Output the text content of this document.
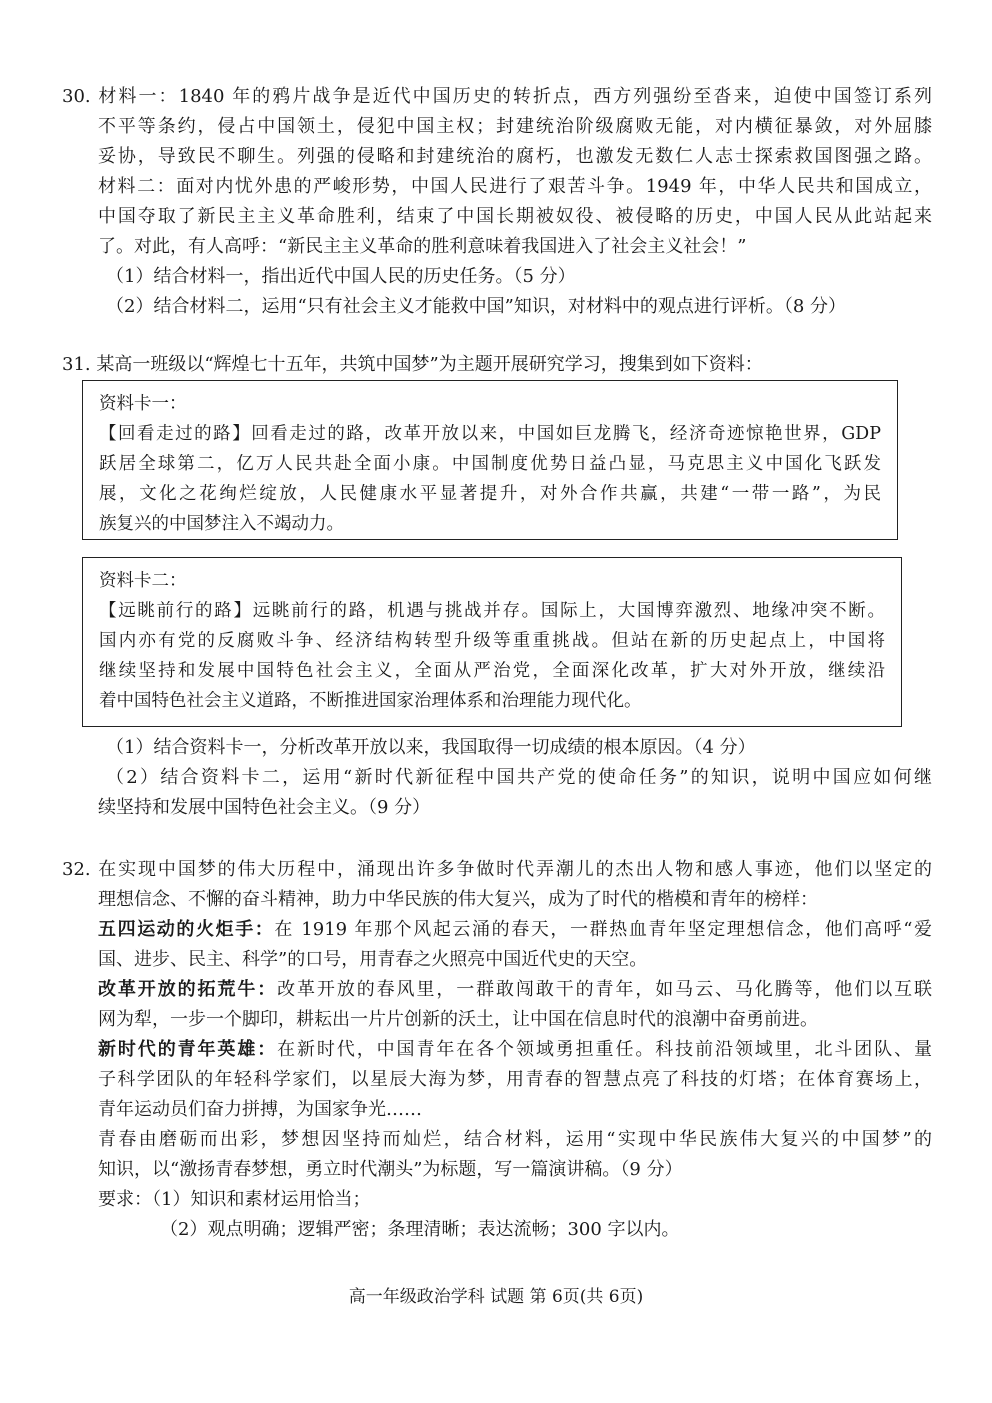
30. 材料一：1840 年的鸦片战争是近代中国历史的转折点，西方列强纷至沓来，迫使中国签订系列
不平等条约，侵占中国领土，侵犯中国主权；封建统治阶级腐败无能，对内横征暴敛，对外屈膝
妥协，导致民不聊生。列强的侵略和封建统治的腐朽，也激发无数仁人志士探索救国图强之路。
材料二：面对内忧外患的严峻形势，中国人民进行了艰苦斗争。1949 年，中华人民共和国成立，
中国夺取了新民主主义革命胜利，结束了中国长期被奴役、被侵略的历史，中国人民从此站起来
了。对此，有人高呼：“新民主主义革命的胜利意味着我国进入了社会主义社会！”
（1）结合材料一，指出近代中国人民的历史任务。（5 分）
（2）结合材料二，运用“只有社会主义才能救中国”知识，对材料中的观点进行评析。（8 分）
31. 某高一班级以“辉煌七十五年，共筑中国梦”为主题开展研究学习，搜集到如下资料：
资料卡一：
【回看走过的路】回看走过的路，改革开放以来，中国如巨龙腾飞，经济奇迹惊艳世界，GDP
跃居全球第二，亿万人民共赴全面小康。中国制度优势日益凸显，马克思主义中国化飞跃发
展，文化之花绚烂绽放，人民健康水平显著提升，对外合作共赢，共建“一带一路”，为民
族复兴的中国梦注入不竭动力。
资料卡二：
【远眺前行的路】远眺前行的路，机遇与挑战并存。国际上，大国博弈激烈、地缘冲突不断。
国内亦有党的反腐败斗争、经济结构转型升级等重重挑战。但站在新的历史起点上，中国将
继续坚持和发展中国特色社会主义，全面从严治党，全面深化改革，扩大对外开放，继续沿
着中国特色社会主义道路，不断推进国家治理体系和治理能力现代化。
（1）结合资料卡一，分析改革开放以来，我国取得一切成绩的根本原因。（4 分）
（2）结合资料卡二，运用“新时代新征程中国共产党的使命任务”的知识，说明中国应如何继
续坚持和发展中国特色社会主义。（9 分）
32. 在实现中国梦的伟大历程中，涌现出许多争做时代弄潮儿的杰出人物和感人事迹，他们以坚定的
理想信念、不懈的奋斗精神，助力中华民族的伟大复兴，成为了时代的楷模和青年的榜样：
五四运动的火炬手：在 1919 年那个风起云涌的春天，一群热血青年坚定理想信念，他们高呼“爱
国、进步、民主、科学”的口号，用青春之火照亮中国近代史的天空。
改革开放的拓荒牛：改革开放的春风里，一群敢闯敢干的青年，如马云、马化腾等，他们以互联
网为犁，一步一个脚印，耕耘出一片片创新的沃土，让中国在信息时代的浪潮中奋勇前进。
新时代的青年英雄：在新时代，中国青年在各个领域勇担重任。科技前沿领域里，北斗团队、量
子科学团队的年轻科学家们，以星辰大海为梦，用青春的智慧点亮了科技的灯塔；在体育赛场上，
青年运动员们奋力拼搏，为国家争光……
青春由磨砺而出彩，梦想因坚持而灿烂，结合材料，运用“实现中华民族伟大复兴的中国梦”的
知识，以“激扬青春梦想，勇立时代潮头”为标题，写一篇演讲稿。（9 分）
要求：（1）知识和素材运用恰当；
（2）观点明确；逻辑严密；条理清晰；表达流畅；300 字以内。
高一年级政治学科 试题 第 6页(共 6页)
